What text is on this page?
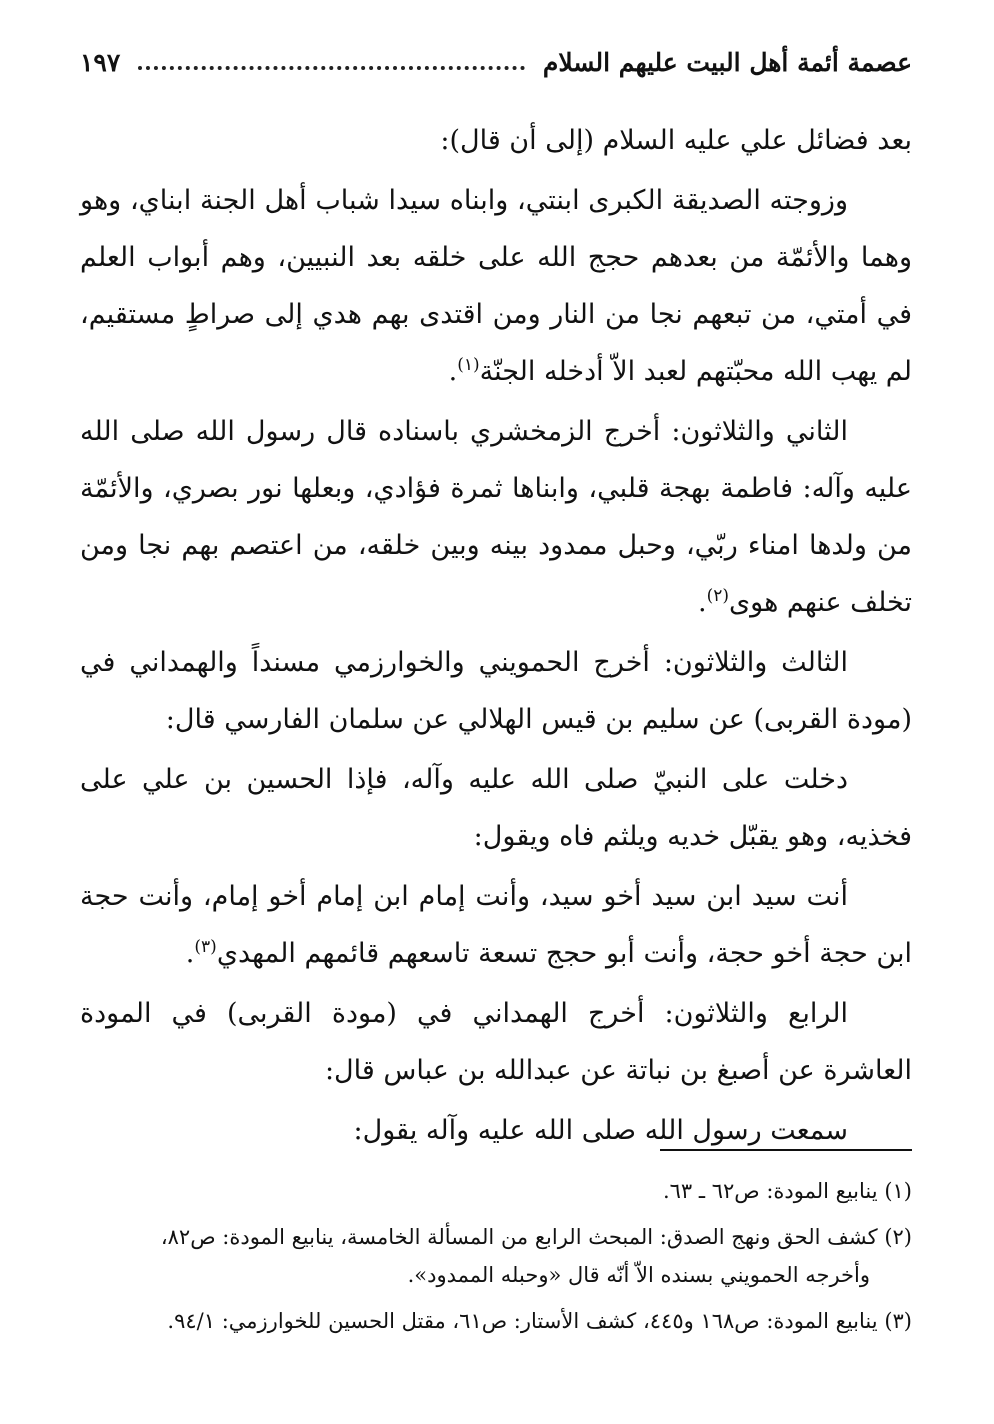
عصمة أئمة أهل البيت عليهم السلام
١٩٧

بعد فضائل علي عليه السلام (إلى أن قال):

وزوجته الصديقة الكبرى ابنتي، وابناه سيدا شباب أهل الجنة ابناي، وهو وهما والأئمّة من بعدهم حجج الله على خلقه بعد النبيين، وهم أبواب العلم في أمتي، من تبعهم نجا من النار ومن اقتدى بهم هدي إلى صراطٍ مستقيم، لم يهب الله محبّتهم لعبد الاّ أدخله الجنّة$^{(١)}$.

الثاني والثلاثون: أخرج الزمخشري باسناده قال رسول الله صلى الله عليه وآله: فاطمة بهجة قلبي، وابناها ثمرة فؤادي، وبعلها نور بصري، والأئمّة من ولدها امناء ربّي، وحبل ممدود بينه وبين خلقه، من اعتصم بهم نجا ومن تخلف عنهم هوى$^{(٢)}$.

الثالث والثلاثون: أخرج الحمويني والخوارزمي مسنداً والهمداني في (مودة القربى) عن سليم بن قيس الهلالي عن سلمان الفارسي قال:

دخلت على النبيّ صلى الله عليه وآله، فإذا الحسين بن علي على فخذيه، وهو يقبّل خديه ويلثم فاه ويقول:

أنت سيد ابن سيد أخو سيد، وأنت إمام ابن إمام أخو إمام، وأنت حجة ابن حجة أخو حجة، وأنت أبو حجج تسعة تاسعهم قائمهم المهدي$^{(٣)}$.

الرابع والثلاثون: أخرج الهمداني في (مودة القربى) في المودة العاشرة عن أصبغ بن نباتة عن عبدالله بن عباس قال:

سمعت رسول الله صلى الله عليه وآله يقول:

(١) ينابيع المودة: ص٦٢ ـ ٦٣.
(٢) كشف الحق ونهج الصدق: المبحث الرابع من المسألة الخامسة، ينابيع المودة: ص٨٢،
وأخرجه الحمويني بسنده الاّ أنّه قال «وحبله الممدود».
(٣) ينابيع المودة: ص١٦٨ و٤٤٥، كشف الأستار: ص٦١، مقتل الحسين للخوارزمي: ٩٤/١.
